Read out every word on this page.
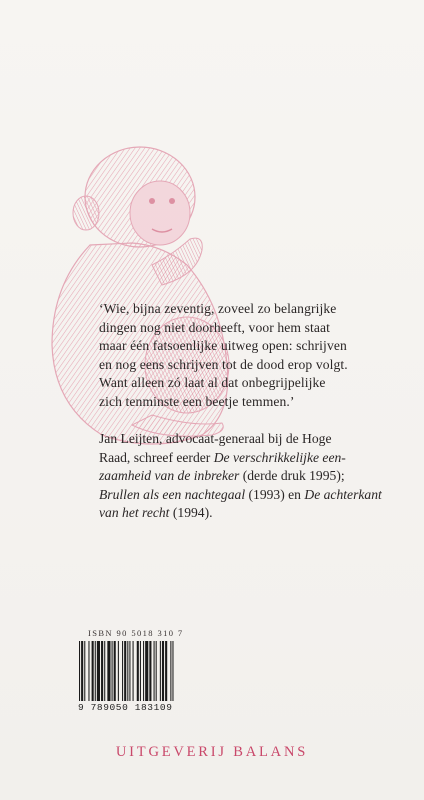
‘Wie, bijna zeventig, zoveel zo belangrijke

dingen nog niet doorheeft, voor hem staat

maar één fatsoenlijke uitweg open: schrijven

en nog eens schrijven tot de dood erop volgt.

Want alleen zó laat al dat onbegrijpelijke

zich tenminste een beetje temmen.’

Jan Leijten, advocaat-generaal bij de Hoge
Raad, schreef eerder De verschrikkelijke een-
zaamheid van de inbreker (derde druk 1995);
Brullen als een nachtegaal (1993) en De achterkant
van het recht (1994).
ISBN 90 5018 310 7
9 789050 183109
UITGEVERIJ BALANS
